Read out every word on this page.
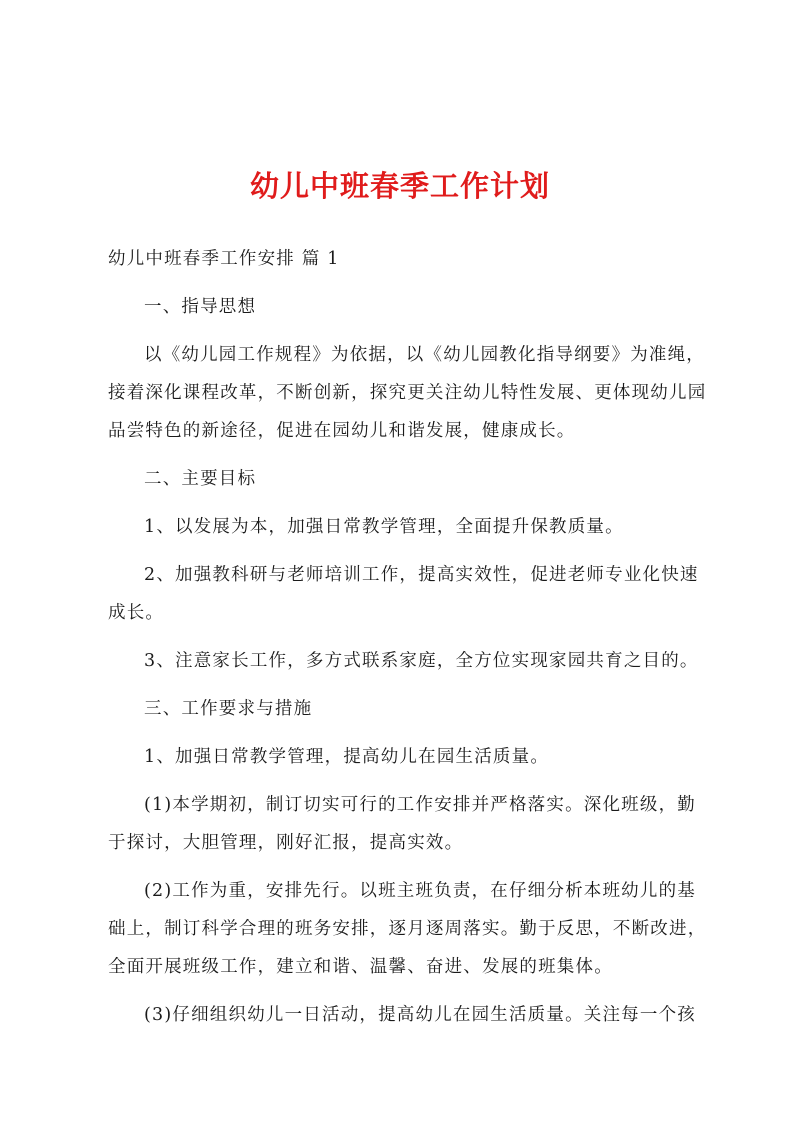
幼儿中班春季工作计划
幼儿中班春季工作安排 篇 1
一、指导思想
以《幼儿园工作规程》为依据，以《幼儿园教化指导纲要》为准绳，
接着深化课程改革，不断创新，探究更关注幼儿特性发展、更体现幼儿园
品尝特色的新途径，促进在园幼儿和谐发展，健康成长。
二、主要目标
1、以发展为本，加强日常教学管理，全面提升保教质量。
2、加强教科研与老师培训工作，提高实效性，促进老师专业化快速
成长。
3、注意家长工作，多方式联系家庭，全方位实现家园共育之目的。
三、工作要求与措施
1、加强日常教学管理，提高幼儿在园生活质量。
(1)本学期初，制订切实可行的工作安排并严格落实。深化班级，勤
于探讨，大胆管理，刚好汇报，提高实效。
(2)工作为重，安排先行。以班主班负责，在仔细分析本班幼儿的基
础上，制订科学合理的班务安排，逐月逐周落实。勤于反思，不断改进，
全面开展班级工作，建立和谐、温馨、奋进、发展的班集体。
(3)仔细组织幼儿一日活动，提高幼儿在园生活质量。关注每一个孩
